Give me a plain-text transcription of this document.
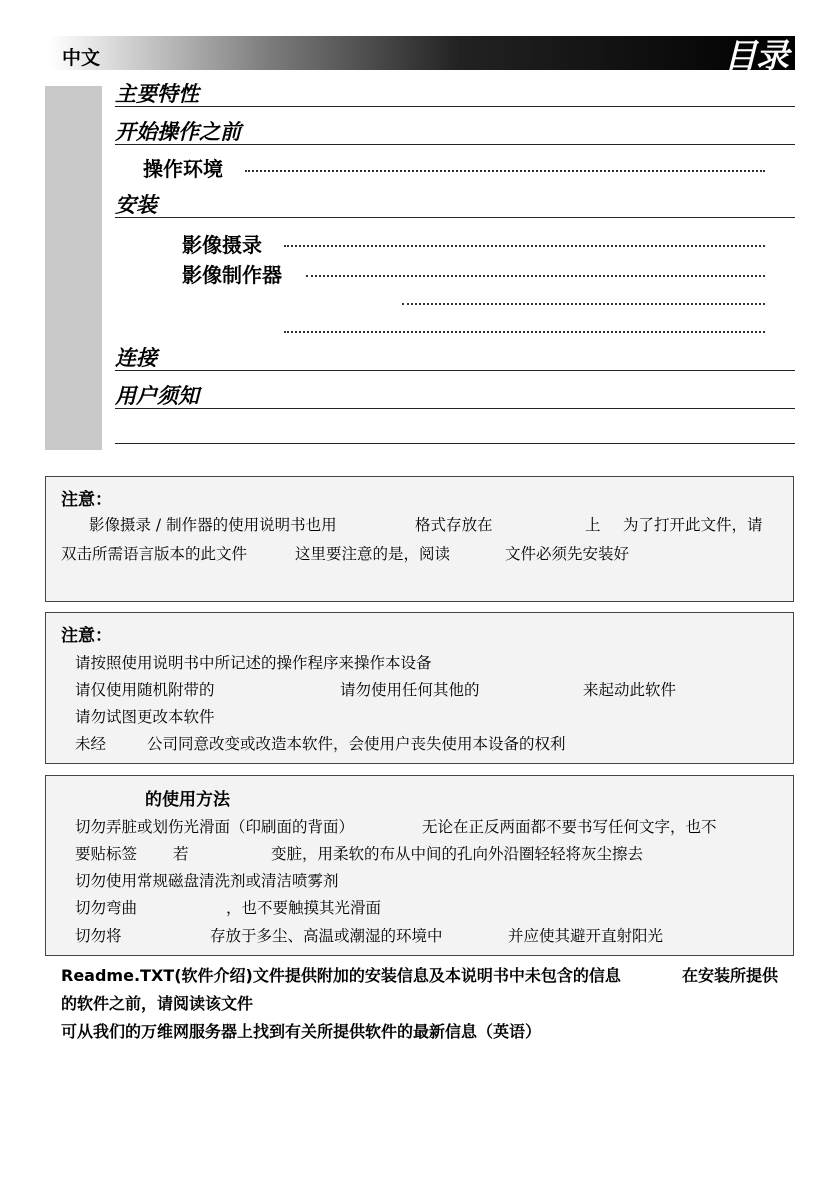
中文	目录
主要特性
开始操作之前
操作环境
安装
影像摄录
影像制作器
连接
用户须知
注意：
影像摄录 / 制作器的使用说明书也用	格式存放在	上 为了打开此文件，请
双击所需语言版本的此文件	这里要注意的是，阅读	文件必须先安装好
注意：
请按照使用说明书中所记述的操作程序来操作本设备
请仅使用随机附带的	请勿使用任何其他的	来起动此软件
请勿试图更改本软件
未经	公司同意改变或改造本软件，会使用户丧失使用本设备的权利
的使用方法
切勿弄脏或划伤光滑面（印刷面的背面）	无论在正反两面都不要书写任何文字，也不
要贴标签 若	变脏，用柔软的布从中间的孔向外沿圈轻轻将灰尘擦去
切勿使用常规磁盘清洗剂或清洁喷雾剂
切勿弯曲	，也不要触摸其光滑面
切勿将	存放于多尘、高温或潮湿的环境中	并应使其避开直射阳光
Readme.TXT(软件介绍)文件提供附加的安装信息及本说明书中未包含的信息	在安装所提供
的软件之前，请阅读该文件
可从我们的万维网服务器上找到有关所提供软件的最新信息（英语）
